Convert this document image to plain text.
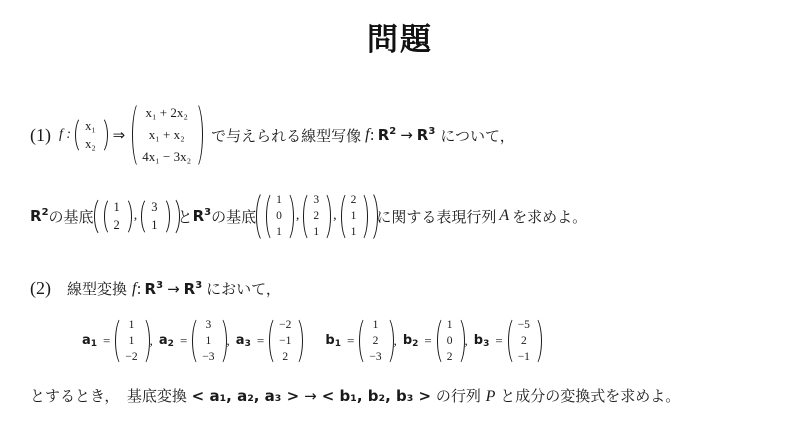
問題
(1) f :
x₁
x₂ ⇒
x₁ + 2x₂
x₁ + x₂
4x₁ − 3x₂
で与えられる線型写像 f : $R^2 \to R^3$ について，
$R^2$ の基底
1
2
,
3
1 と $R^3$ の基底
1
0
1
,
3
2
1
,
2
1
1
に関する表現行列 A を求めよ。
(2) 線型変換 f : $R^3 \to R^3$ において，
a1 =
1
1
−2
, a2 =
3
1
−3
, a3 =
−2
−1
2
b1 =
1
2
−3
, b2 =
1
0
2
, b3 =
−5
2
−1
とするとき，　基底変換 < a₁, a₂, a₃ > → < b₁, b₂, b₃ > の行列 P と成分の変換式を求めよ。
